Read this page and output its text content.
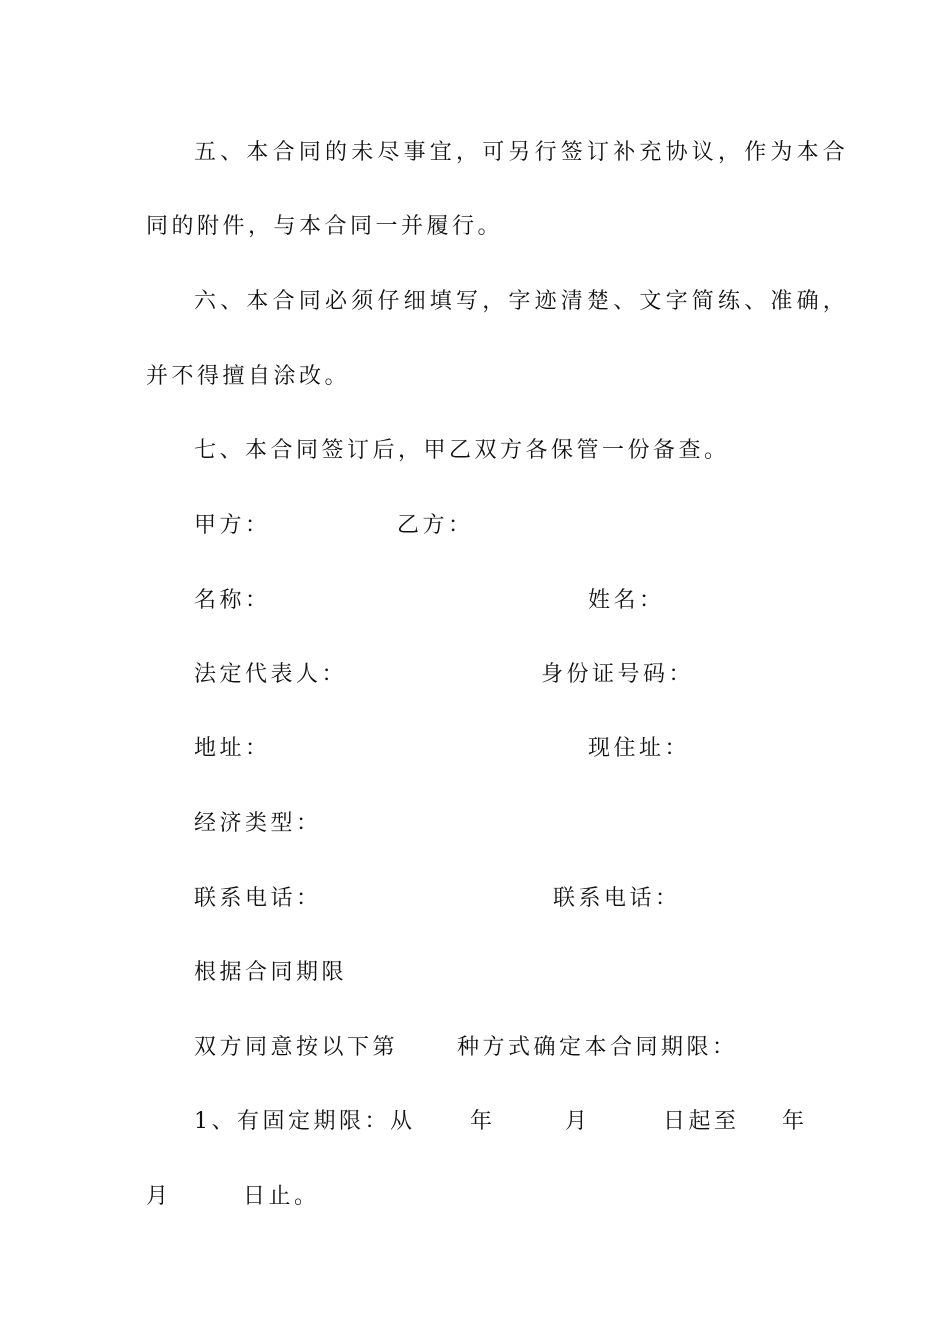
五、本合同的未尽事宜，可另行签订补充协议，作为本合

同的附件，与本合同一并履行。

六、本合同必须仔细填写，字迹清楚、文字简练、准确，

并不得擅自涂改。

七、本合同签订后，甲乙双方各保管一份备查。

甲方：	乙方：

名称：	姓名：

法定代表人：	身份证号码：

地址：	现住址：

经济类型：

联系电话：	联系电话：

根据合同期限

双方同意按以下第	种方式确定本合同期限：

1、有固定期限：从 年	月	日起至 年

月	日止。
